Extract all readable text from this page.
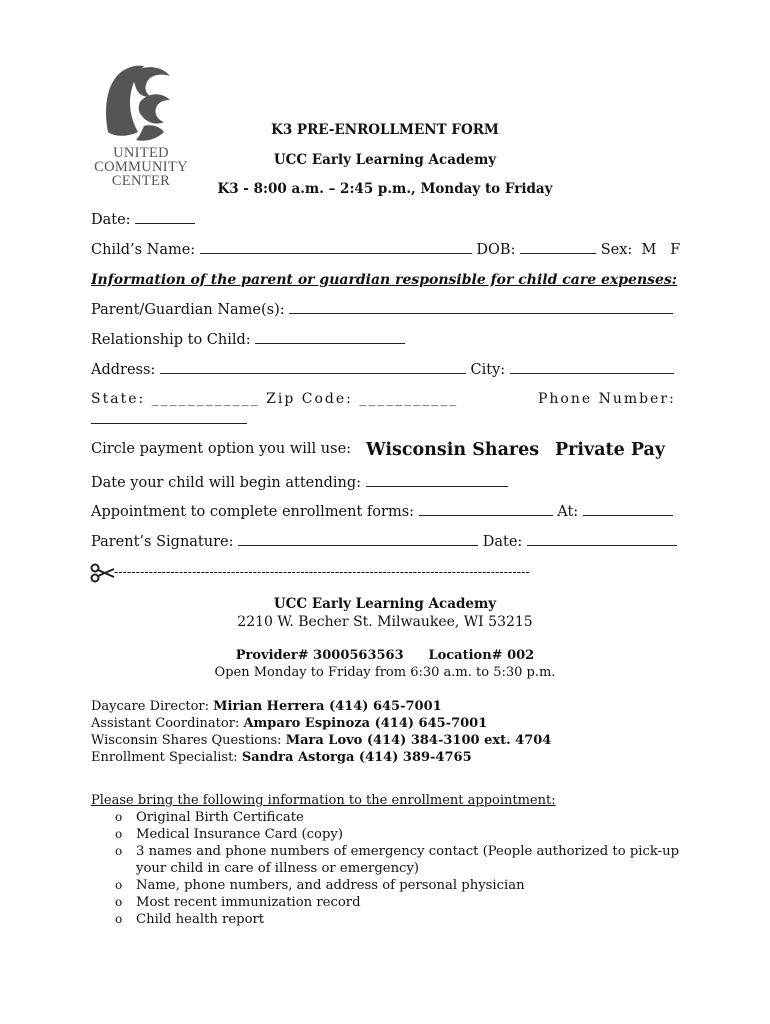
UNITED
COMMUNITY
CENTER
K3 PRE-ENROLLMENT FORM
UCC Early Learning Academy
K3 - 8:00 a.m. – 2:45 p.m., Monday to Friday
Date:
Child’s Name:	DOB:	Sex: M F
Information of the parent or guardian responsible for child care expenses:
Parent/Guardian Name(s):
Relationship to Child:
Address:	City:
State: ____________ Zip Code: ___________	Phone Number:
Circle payment option you will use: Wisconsin Shares Private Pay
Date your child will begin attending:
Appointment to complete enrollment forms:	At:
Parent’s Signature:	Date:
------------------------------------------------------------------------------------------------
UCC Early Learning Academy
2210 W. Becher St. Milwaukee, WI 53215
Provider# 3000563563 Location# 002
Open Monday to Friday from 6:30 a.m. to 5:30 p.m.
Daycare Director: Mirian Herrera (414) 645-7001
Assistant Coordinator: Amparo Espinoza (414) 645-7001
Wisconsin Shares Questions: Mara Lovo (414) 384-3100 ext. 4704
Enrollment Specialist: Sandra Astorga (414) 389-4765
Please bring the following information to the enrollment appointment:
o Original Birth Certificate
o Medical Insurance Card (copy)
o 3 names and phone numbers of emergency contact (People authorized to pick-up your child in care of illness or emergency)
o Name, phone numbers, and address of personal physician
o Most recent immunization record
o Child health report
